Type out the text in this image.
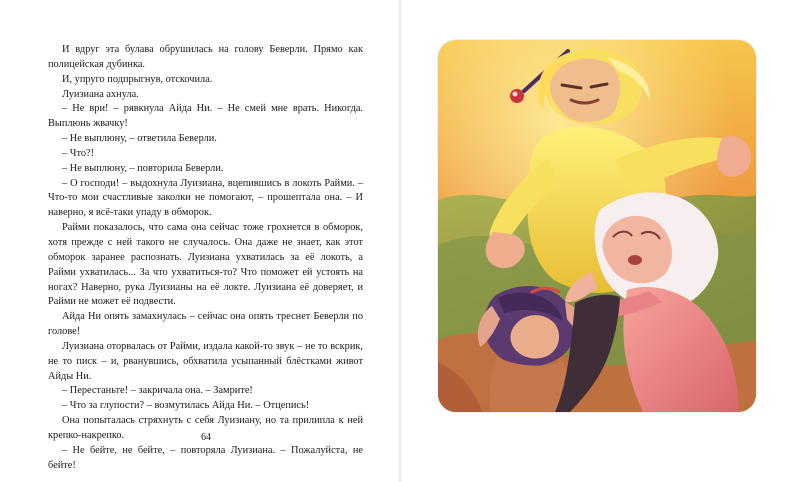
И вдруг эта булава обрушилась на голову Беверли. Прямо как полицейская дубинка.

И, упруго подпрыгнув, отскочила.

Луизиана ахнула.

– Не ври! – рявкнула Айда Ни. – Не смей мне врать. Никогда. Выплюнь жвачку!

– Не выплюну, – ответила Беверли.

– Что?!

– Не выплюну, – повторила Беверли.

– О господи! – выдохнула Луизиана, вцепившись в локоть Райми. – Что-то мои счастливые заколки не помогают, – прошептала она. – И наверно, я всё-таки упаду в обморок.

Райми показалось, что сама она сейчас тоже грохнется в обморок, хотя прежде с ней такого не случалось. Она даже не знает, как этот обморок заранее распознать. Луизиана ухватилась за её локоть, а Райми ухватилась... За что ухватиться-то? Что поможет ей устоять на ногах? Наверно, рука Луизианы на её локте. Луизиана её доверяет, и Райми не может её подвести.

Айда Ни опять замахнулась – сейчас она опять треснет Беверли по голове!

Луизиана оторвалась от Райми, издала какой-то звук – не то вскрик, не то писк – и, рванувшись, обхватила усыпанный блёстками живот Айды Ни.

– Перестаньте! – закричала она. – Замрите!

– Что за глупости? – возмутилась Айда Ни. – Отцепись!

Она попыталась стряхнуть с себя Луизиану, но та прилипла к ней крепко-накрепко.

– Не бейте, не бейте, – повторяла Луизиана. – Пожалуйста, не бейте!

64
